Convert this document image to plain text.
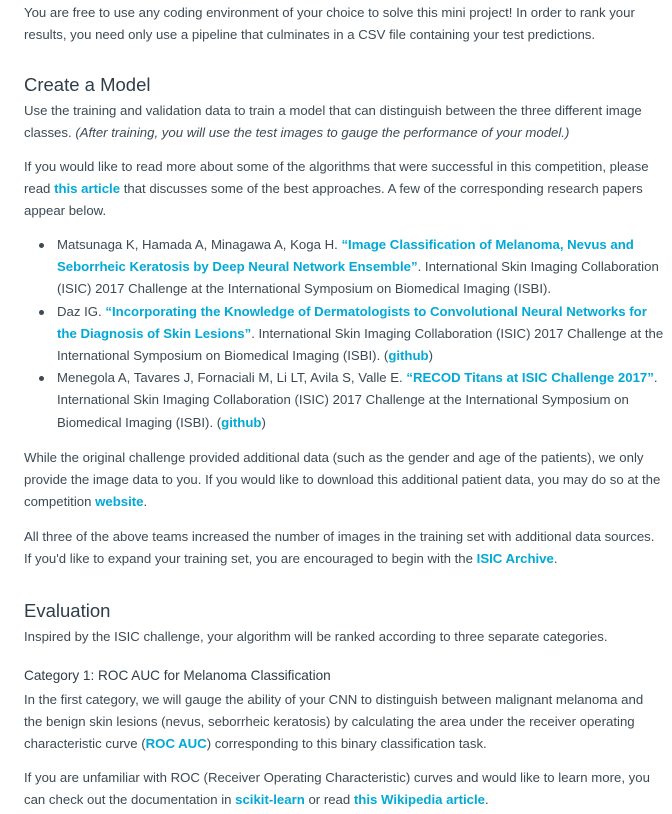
You are free to use any coding environment of your choice to solve this mini project! In order to rank your results, you need only use a pipeline that culminates in a CSV file containing your test predictions.

Create a Model

Use the training and validation data to train a model that can distinguish between the three different image classes. (After training, you will use the test images to gauge the performance of your model.)

If you would like to read more about some of the algorithms that were successful in this competition, please read this article that discusses some of the best approaches. A few of the corresponding research papers appear below.

Matsunaga K, Hamada A, Minagawa A, Koga H. “Image Classification of Melanoma, Nevus and Seborrheic Keratosis by Deep Neural Network Ensemble”. International Skin Imaging Collaboration (ISIC) 2017 Challenge at the International Symposium on Biomedical Imaging (ISBI).
Daz IG. “Incorporating the Knowledge of Dermatologists to Convolutional Neural Networks for the Diagnosis of Skin Lesions”. International Skin Imaging Collaboration (ISIC) 2017 Challenge at the International Symposium on Biomedical Imaging (ISBI). (github)
Menegola A, Tavares J, Fornaciali M, Li LT, Avila S, Valle E. “RECOD Titans at ISIC Challenge 2017”. International Skin Imaging Collaboration (ISIC) 2017 Challenge at the International Symposium on Biomedical Imaging (ISBI). (github)

While the original challenge provided additional data (such as the gender and age of the patients), we only provide the image data to you. If you would like to download this additional patient data, you may do so at the competition website.

All three of the above teams increased the number of images in the training set with additional data sources. If you'd like to expand your training set, you are encouraged to begin with the ISIC Archive.

Evaluation

Inspired by the ISIC challenge, your algorithm will be ranked according to three separate categories.

Category 1: ROC AUC for Melanoma Classification

In the first category, we will gauge the ability of your CNN to distinguish between malignant melanoma and the benign skin lesions (nevus, seborrheic keratosis) by calculating the area under the receiver operating characteristic curve (ROC AUC) corresponding to this binary classification task.

If you are unfamiliar with ROC (Receiver Operating Characteristic) curves and would like to learn more, you can check out the documentation in scikit-learn or read this Wikipedia article.
